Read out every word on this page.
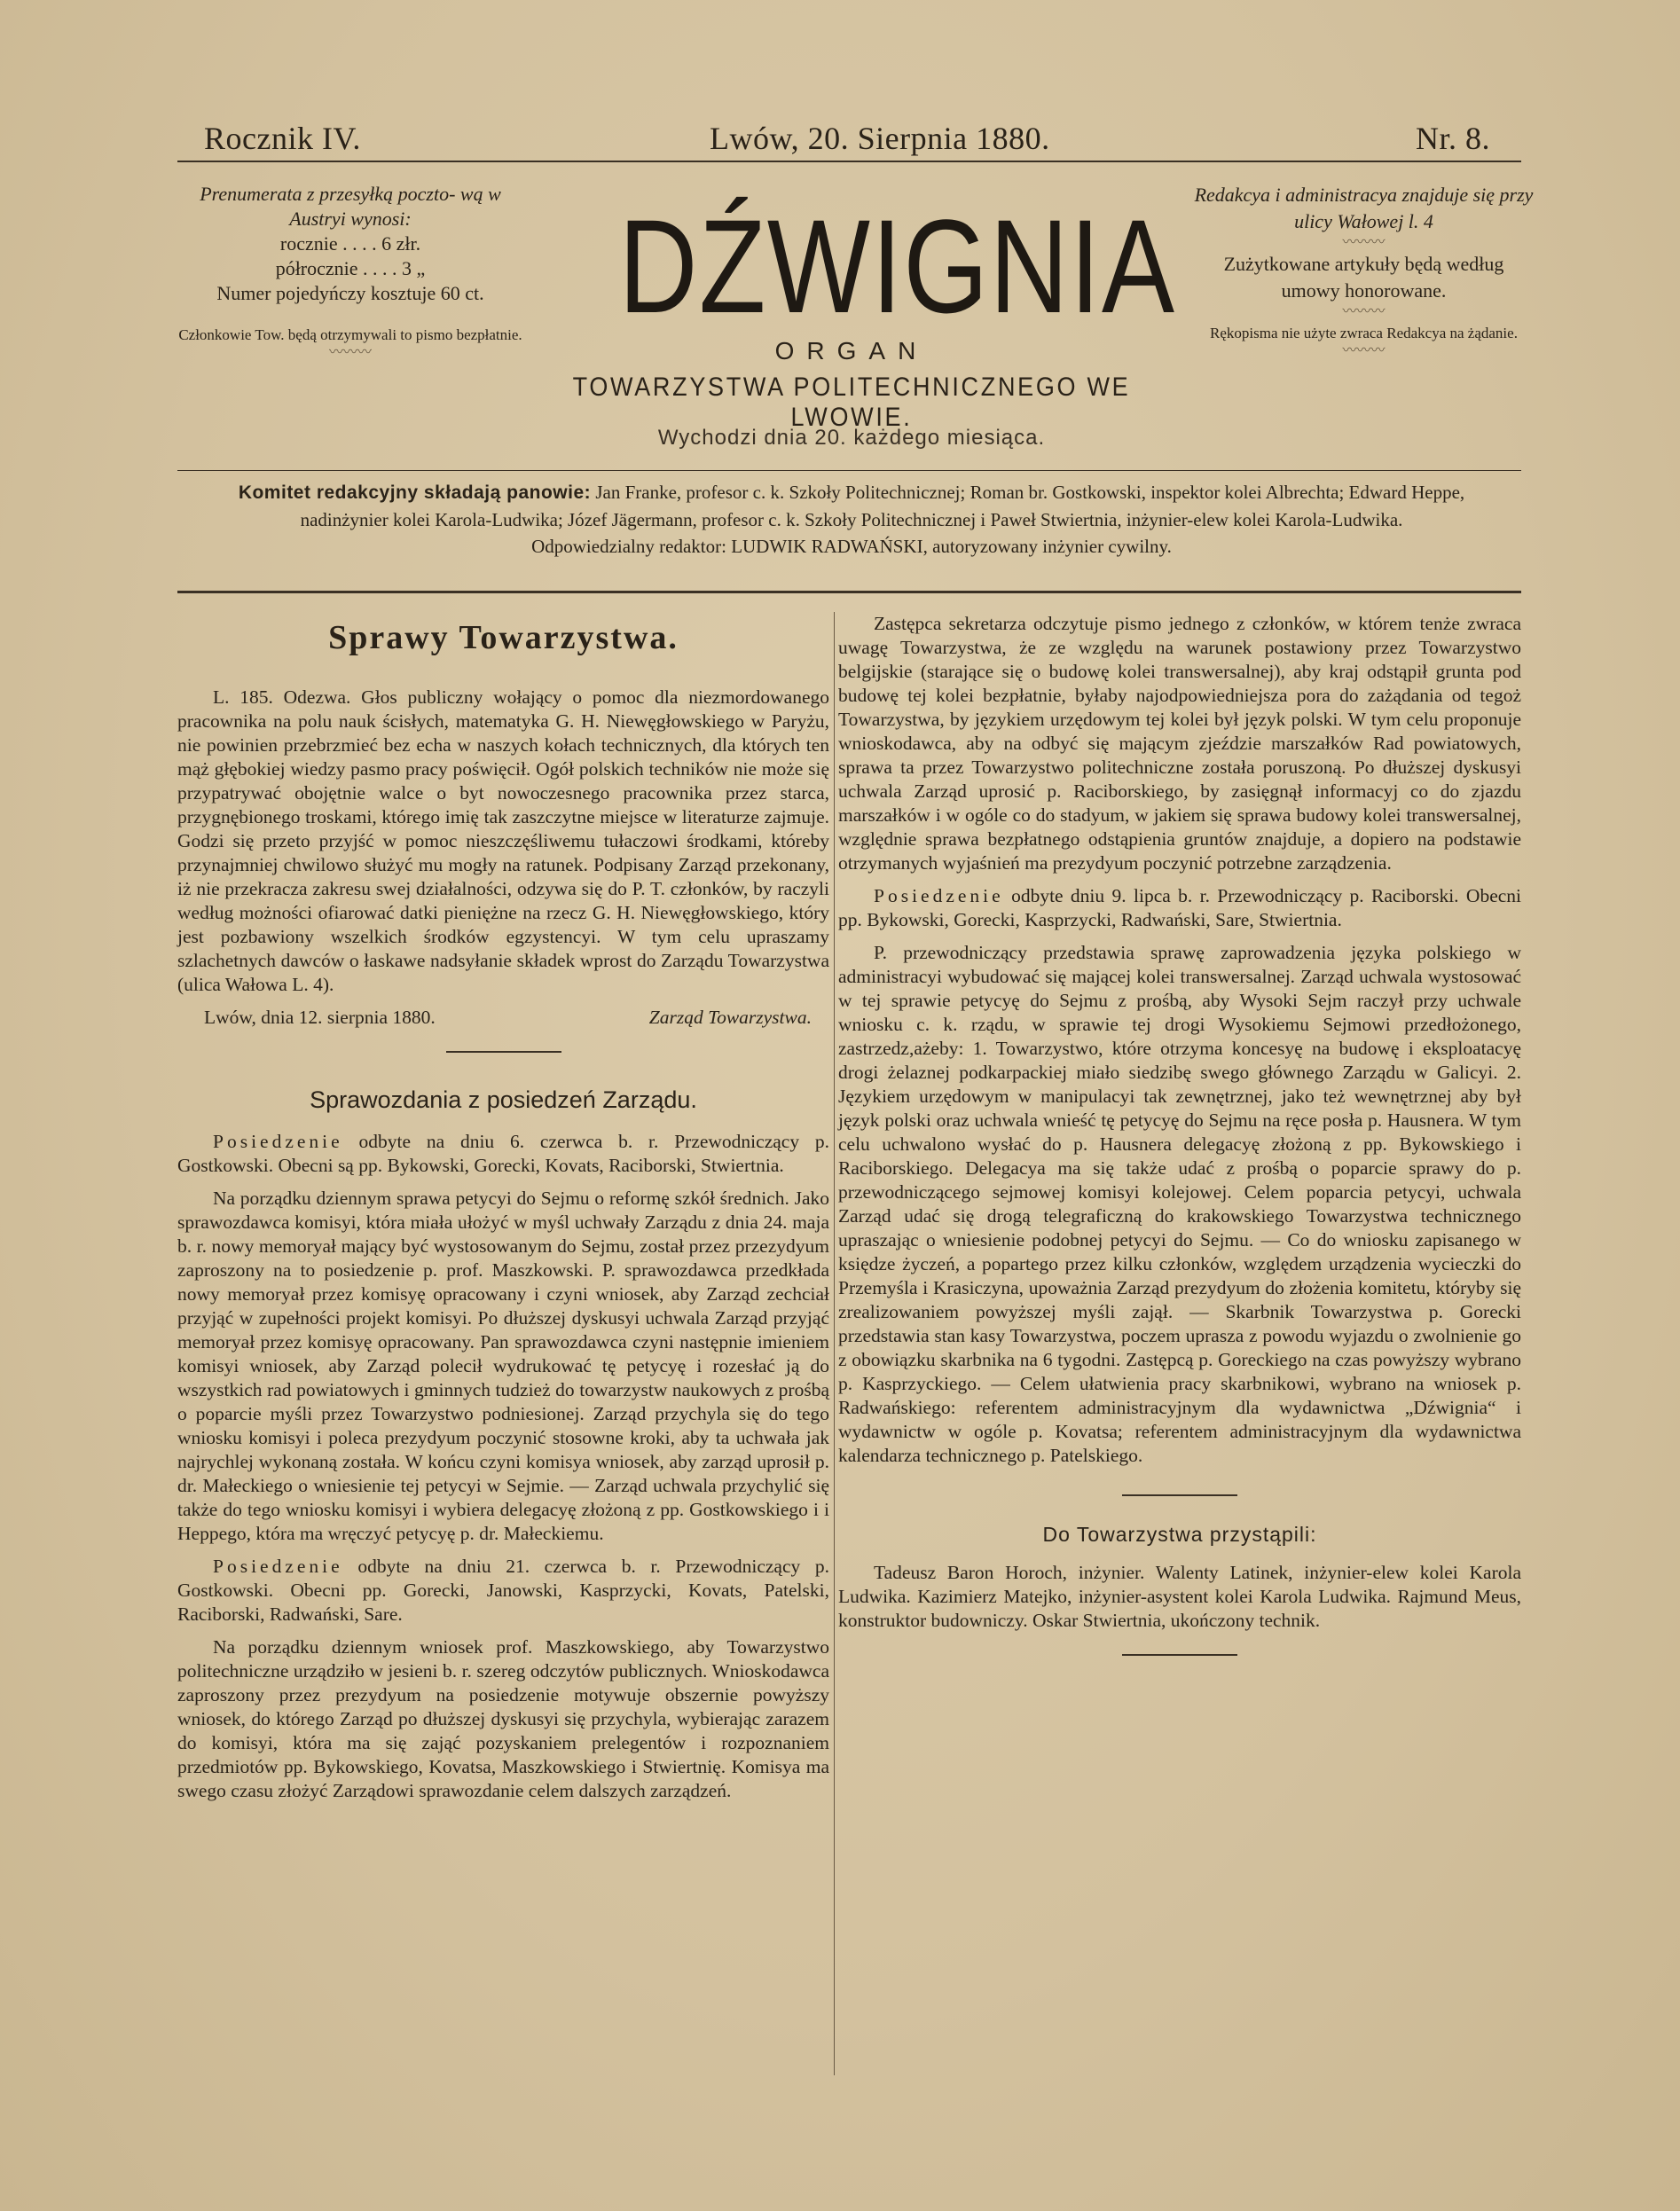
Rocznik IV.	Lwów, 20. Sierpnia 1880.	Nr. 8.
Prenumerata z przesyłką poczto- wą w Austryi wynosi:
rocznie . . . . 6 złr.
półrocznie . . . . 3 „
Numer pojedyńczy kosztuje 60 ct.
Członkowie Tow. będą otrzymywali to pismo bezpłatnie.
〰〰〰
DŹWIGNIA
ORGAN
TOWARZYSTWA POLITECHNICZNEGO WE LWOWIE.
Wychodzi dnia 20. każdego miesiąca.
Redakcya i administracya znajduje się przy ulicy Wałowej l. 4
〰〰〰
Zużytkowane artykuły będą według umowy honorowane.
〰〰〰
Rękopisma nie użyte zwraca Redakcya na żądanie.
〰〰〰
Komitet redakcyjny składają panowie: Jan Franke, profesor c. k. Szkoły Politechnicznej; Roman br. Gostkowski, inspektor kolei Albrechta; Edward Heppe, nadinżynier kolei Karola-Ludwika; Józef Jägermann, profesor c. k. Szkoły Politechnicznej i Paweł Stwiertnia, inżynier-elew kolei Karola-Ludwika.
Odpowiedzialny redaktor: LUDWIK RADWAŃSKI, autoryzowany inżynier cywilny.
Sprawy Towarzystwa.

L. 185. Odezwa. Głos publiczny wołający o pomoc dla niezmordowanego pracownika na polu nauk ścisłych, matematyka G. H. Niewęgłowskiego w Paryżu, nie powinien przebrzmieć bez echa w naszych kołach technicznych, dla których ten mąż głębokiej wiedzy pasmo pracy poświęcił. Ogół polskich techników nie może się przypatrywać obojętnie walce o byt nowoczesnego pracownika przez starca, przygnębionego troskami, którego imię tak zaszczytne miejsce w literaturze zajmuje. Godzi się przeto przyjść w pomoc nieszczęśliwemu tułaczowi środkami, któreby przynajmniej chwilowo służyć mu mogły na ratunek. Podpisany Zarząd przekonany, iż nie przekracza zakresu swej działalności, odzywa się do P. T. członków, by raczyli według możności ofiarować datki pieniężne na rzecz G. H. Niewęgłowskiego, który jest pozbawiony wszelkich środków egzystencyi. W tym celu upraszamy szlachetnych dawców o łaskawe nadsyłanie składek wprost do Zarządu Towarzystwa (ulica Wałowa L. 4).

Lwów, dnia 12. sierpnia 1880.	Zarząd Towarzystwa.
Sprawozdania z posiedzeń Zarządu.

Posiedzenie odbyte na dniu 6. czerwca b. r. Przewodniczący p. Gostkowski. Obecni są pp. Bykowski, Gorecki, Kovats, Raciborski, Stwiertnia.

Na porządku dziennym sprawa petycyi do Sejmu o reformę szkół średnich. Jako sprawozdawca komisyi, która miała ułożyć w myśl uchwały Zarządu z dnia 24. maja b. r. nowy memoryał mający być wystosowanym do Sejmu, został przez przezydyum zaproszony na to posiedzenie p. prof. Maszkowski. P. sprawozdawca przedkłada nowy memoryał przez komisyę opracowany i czyni wniosek, aby Zarząd zechciał przyjąć w zupełności projekt komisyi. Po dłuższej dyskusyi uchwala Zarząd przyjąć memoryał przez komisyę opracowany. Pan sprawozdawca czyni następnie imieniem komisyi wniosek, aby Zarząd polecił wydrukować tę petycyę i rozesłać ją do wszystkich rad powiatowych i gminnych tudzież do towarzystw naukowych z prośbą o poparcie myśli przez Towarzystwo podniesionej. Zarząd przychyla się do tego wniosku komisyi i poleca prezydyum poczynić stosowne kroki, aby ta uchwała jak najrychlej wykonaną została. W końcu czyni komisya wniosek, aby zarząd uprosił p. dr. Małeckiego o wniesienie tej petycyi w Sejmie. — Zarząd uchwala przychylić się także do tego wniosku komisyi i wybiera delegacyę złożoną z pp. Gostkowskiego i i Heppego, która ma wręczyć petycyę p. dr. Małeckiemu.

Posiedzenie odbyte na dniu 21. czerwca b. r. Przewodniczący p. Gostkowski. Obecni pp. Gorecki, Janowski, Kasprzycki, Kovats, Patelski, Raciborski, Radwański, Sare.

Na porządku dziennym wniosek prof. Maszkowskiego, aby Towarzystwo politechniczne urządziło w jesieni b. r. szereg odczytów publicznych. Wnioskodawca zaproszony przez prezydyum na posiedzenie motywuje obszernie powyższy wniosek, do którego Zarząd po dłuższej dyskusyi się przychyla, wybierając zarazem do komisyi, która ma się zająć pozyskaniem prelegentów i rozpoznaniem przedmiotów pp. Bykowskiego, Kovatsa, Maszkowskiego i Stwiertnię. Komisya ma swego czasu złożyć Zarządowi sprawozdanie celem dalszych zarządzeń.

Zastępca sekretarza odczytuje pismo jednego z członków, w którem tenże zwraca uwagę Towarzystwa, że ze względu na warunek postawiony przez Towarzystwo belgijskie (starające się o budowę kolei transwersalnej), aby kraj odstąpił grunta pod budowę tej kolei bezpłatnie, byłaby najodpowiedniejsza pora do zażądania od tegoż Towarzystwa, by językiem urzędowym tej kolei był język polski. W tym celu proponuje wnioskodawca, aby na odbyć się mającym zjeździe marszałków Rad powiatowych, sprawa ta przez Towarzystwo politechniczne została poruszoną. Po dłuższej dyskusyi uchwala Zarząd uprosić p. Raciborskiego, by zasięgnął informacyj co do zjazdu marszałków i w ogóle co do stadyum, w jakiem się sprawa budowy kolei transwersalnej, względnie sprawa bezpłatnego odstąpienia gruntów znajduje, a dopiero na podstawie otrzymanych wyjaśnień ma prezydyum poczynić potrzebne zarządzenia.

Posiedzenie odbyte dniu 9. lipca b. r. Przewodniczący p. Raciborski. Obecni pp. Bykowski, Gorecki, Kasprzycki, Radwański, Sare, Stwiertnia.

P. przewodniczący przedstawia sprawę zaprowadzenia języka polskiego w administracyi wybudować się mającej kolei transwersalnej. Zarząd uchwala wystosować w tej sprawie petycyę do Sejmu z prośbą, aby Wysoki Sejm raczył przy uchwale wniosku c. k. rządu, w sprawie tej drogi Wysokiemu Sejmowi przedłożonego, zastrzedz,ażeby: 1. Towarzystwo, które otrzyma koncesyę na budowę i eksploatacyę drogi żelaznej podkarpackiej miało siedzibę swego głównego Zarządu w Galicyi. 2. Językiem urzędowym w manipulacyi tak zewnętrznej, jako też wewnętrznej aby był język polski oraz uchwala wnieść tę petycyę do Sejmu na ręce posła p. Hausnera. W tym celu uchwalono wysłać do p. Hausnera delegacyę złożoną z pp. Bykowskiego i Raciborskiego. Delegacya ma się także udać z prośbą o poparcie sprawy do p. przewodniczącego sejmowej komisyi kolejowej. Celem poparcia petycyi, uchwala Zarząd udać się drogą telegraficzną do krakowskiego Towarzystwa technicznego upraszając o wniesienie podobnej petycyi do Sejmu. — Co do wniosku zapisanego w księdze życzeń, a popartego przez kilku członków, względem urządzenia wycieczki do Przemyśla i Krasiczyna, upoważnia Zarząd prezydyum do złożenia komitetu, któryby się zrealizowaniem powyższej myśli zajął. — Skarbnik Towarzystwa p. Gorecki przedstawia stan kasy Towarzystwa, poczem uprasza z powodu wyjazdu o zwolnienie go z obowiązku skarbnika na 6 tygodni. Zastępcą p. Goreckiego na czas powyższy wybrano p. Kasprzyckiego. — Celem ułatwienia pracy skarbnikowi, wybrano na wniosek p. Radwańskiego: referentem administracyjnym dla wydawnictwa „Dźwignia“ i wydawnictw w ogóle p. Kovatsa; referentem administracyjnym dla wydawnictwa kalendarza technicznego p. Patelskiego.

Do Towarzystwa przystąpili:

Tadeusz Baron Horoch, inżynier. Walenty Latinek, inżynier-elew kolei Karola Ludwika. Kazimierz Matejko, inżynier-asystent kolei Karola Ludwika. Rajmund Meus, konstruktor budowniczy. Oskar Stwiertnia, ukończony technik.
